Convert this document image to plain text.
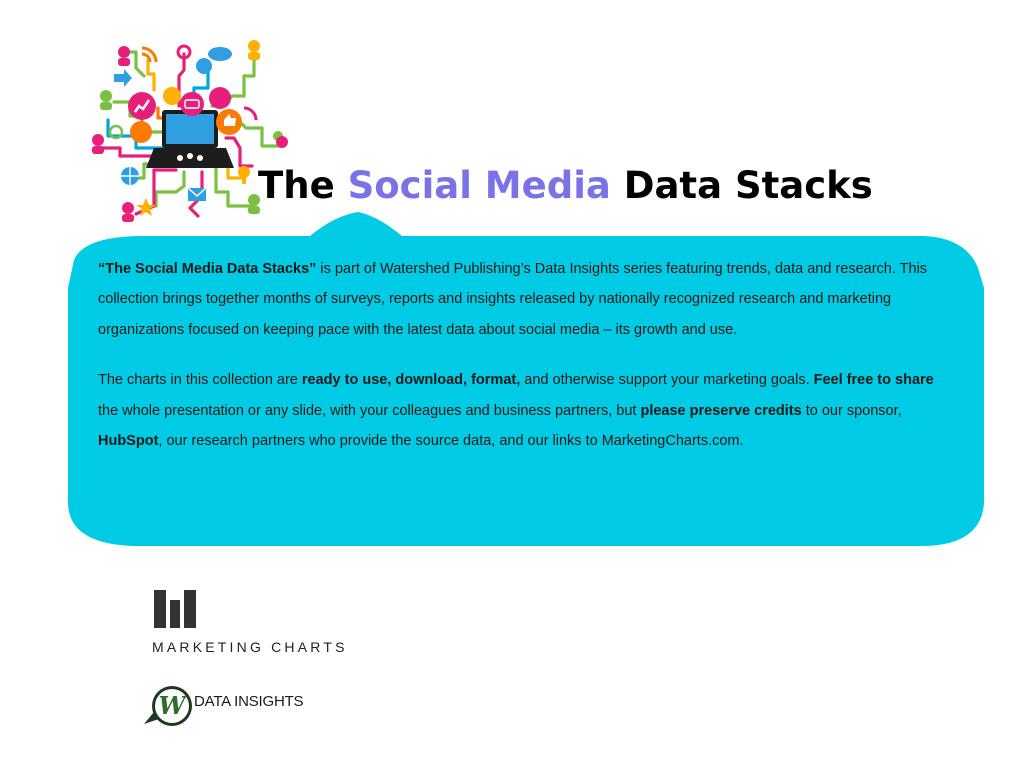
The Social Media Data Stacks

“The Social Media Data Stacks” is part of Watershed Publishing’s Data Insights series featuring trends, data and research. This collection brings together months of surveys, reports and insights released by nationally recognized research and marketing organizations focused on keeping pace with the latest data about social media – its growth and use.

The charts in this collection are ready to use, download, format, and otherwise support your marketing goals. Feel free to share the whole presentation or any slide, with your colleagues and business partners, but please preserve credits to our sponsor, HubSpot, our research partners who provide the source data, and our links to MarketingCharts.com.

MARKETING CHARTS
W DATA INSIGHTS
